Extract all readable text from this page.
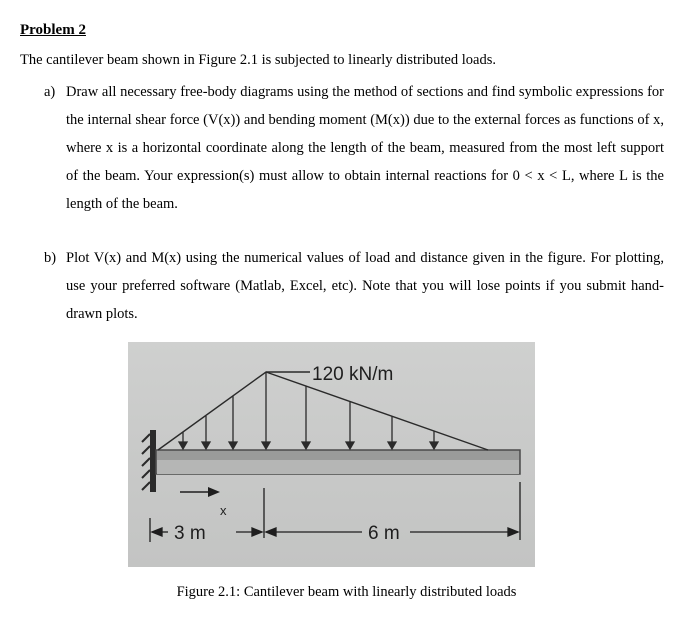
Problem 2
The cantilever beam shown in Figure 2.1 is subjected to linearly distributed loads.
a) Draw all necessary free-body diagrams using the method of sections and find symbolic expressions for the internal shear force (V(x)) and bending moment (M(x)) due to the external forces as functions of x, where x is a horizontal coordinate along the length of the beam, measured from the most left support of the beam. Your expression(s) must allow to obtain internal reactions for 0 < x < L, where L is the length of the beam.
b) Plot V(x) and M(x) using the numerical values of load and distance given in the figure. For plotting, use your preferred software (Matlab, Excel, etc). Note that you will lose points if you submit hand-drawn plots.
120 kN/m
x
3 m	6 m
Figure 2.1: Cantilever beam with linearly distributed loads
